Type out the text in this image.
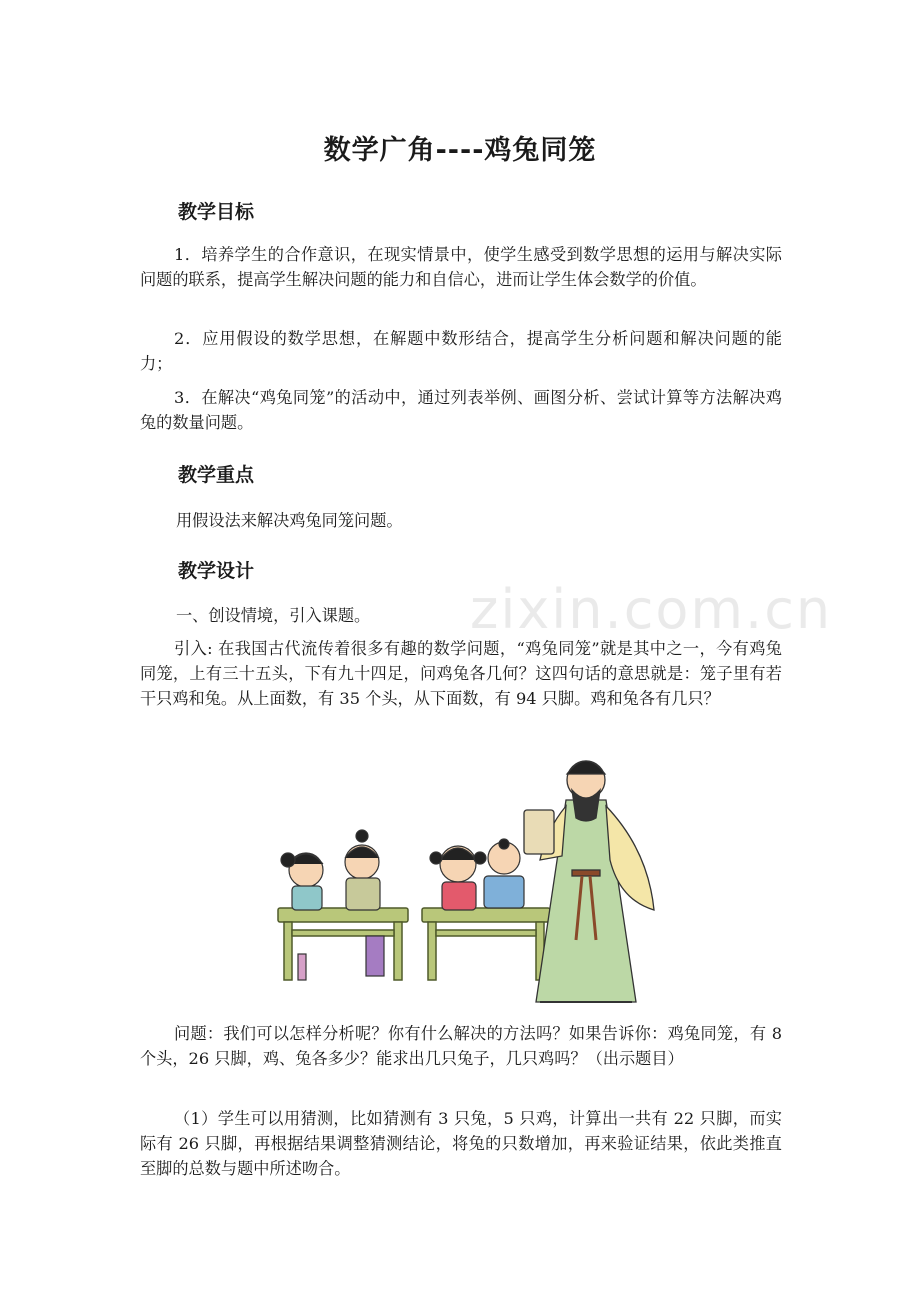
数学广角----鸡兔同笼
教学目标

1．培养学生的合作意识，在现实情景中，使学生感受到数学思想的运用与解决实际问题的联系，提高学生解决问题的能力和自信心，进而让学生体会数学的价值。

2．应用假设的数学思想，在解题中数形结合，提高学生分析问题和解决问题的能力；

3．在解决“鸡兔同笼”的活动中，通过列表举例、画图分析、尝试计算等方法解决鸡兔的数量问题。

教学重点

用假设法来解决鸡兔同笼问题。

教学设计

一、创设情境，引入课题。	zixin.com.cn

引入: 在我国古代流传着很多有趣的数学问题，“鸡兔同笼”就是其中之一，今有鸡兔同笼，上有三十五头，下有九十四足，问鸡兔各几何？这四句话的意思就是：笼子里有若干只鸡和兔。从上面数，有 35 个头，从下面数，有 94 只脚。鸡和兔各有几只？

问题：我们可以怎样分析呢？你有什么解决的方法吗？如果告诉你：鸡兔同笼，有 8 个头，26 只脚，鸡、兔各多少？能求出几只兔子，几只鸡吗？（出示题目）

（1）学生可以用猜测，比如猜测有 3 只兔，5 只鸡，计算出一共有 22 只脚，而实际有 26 只脚，再根据结果调整猜测结论，将兔的只数增加，再来验证结果，依此类推直至脚的总数与题中所述吻合。
